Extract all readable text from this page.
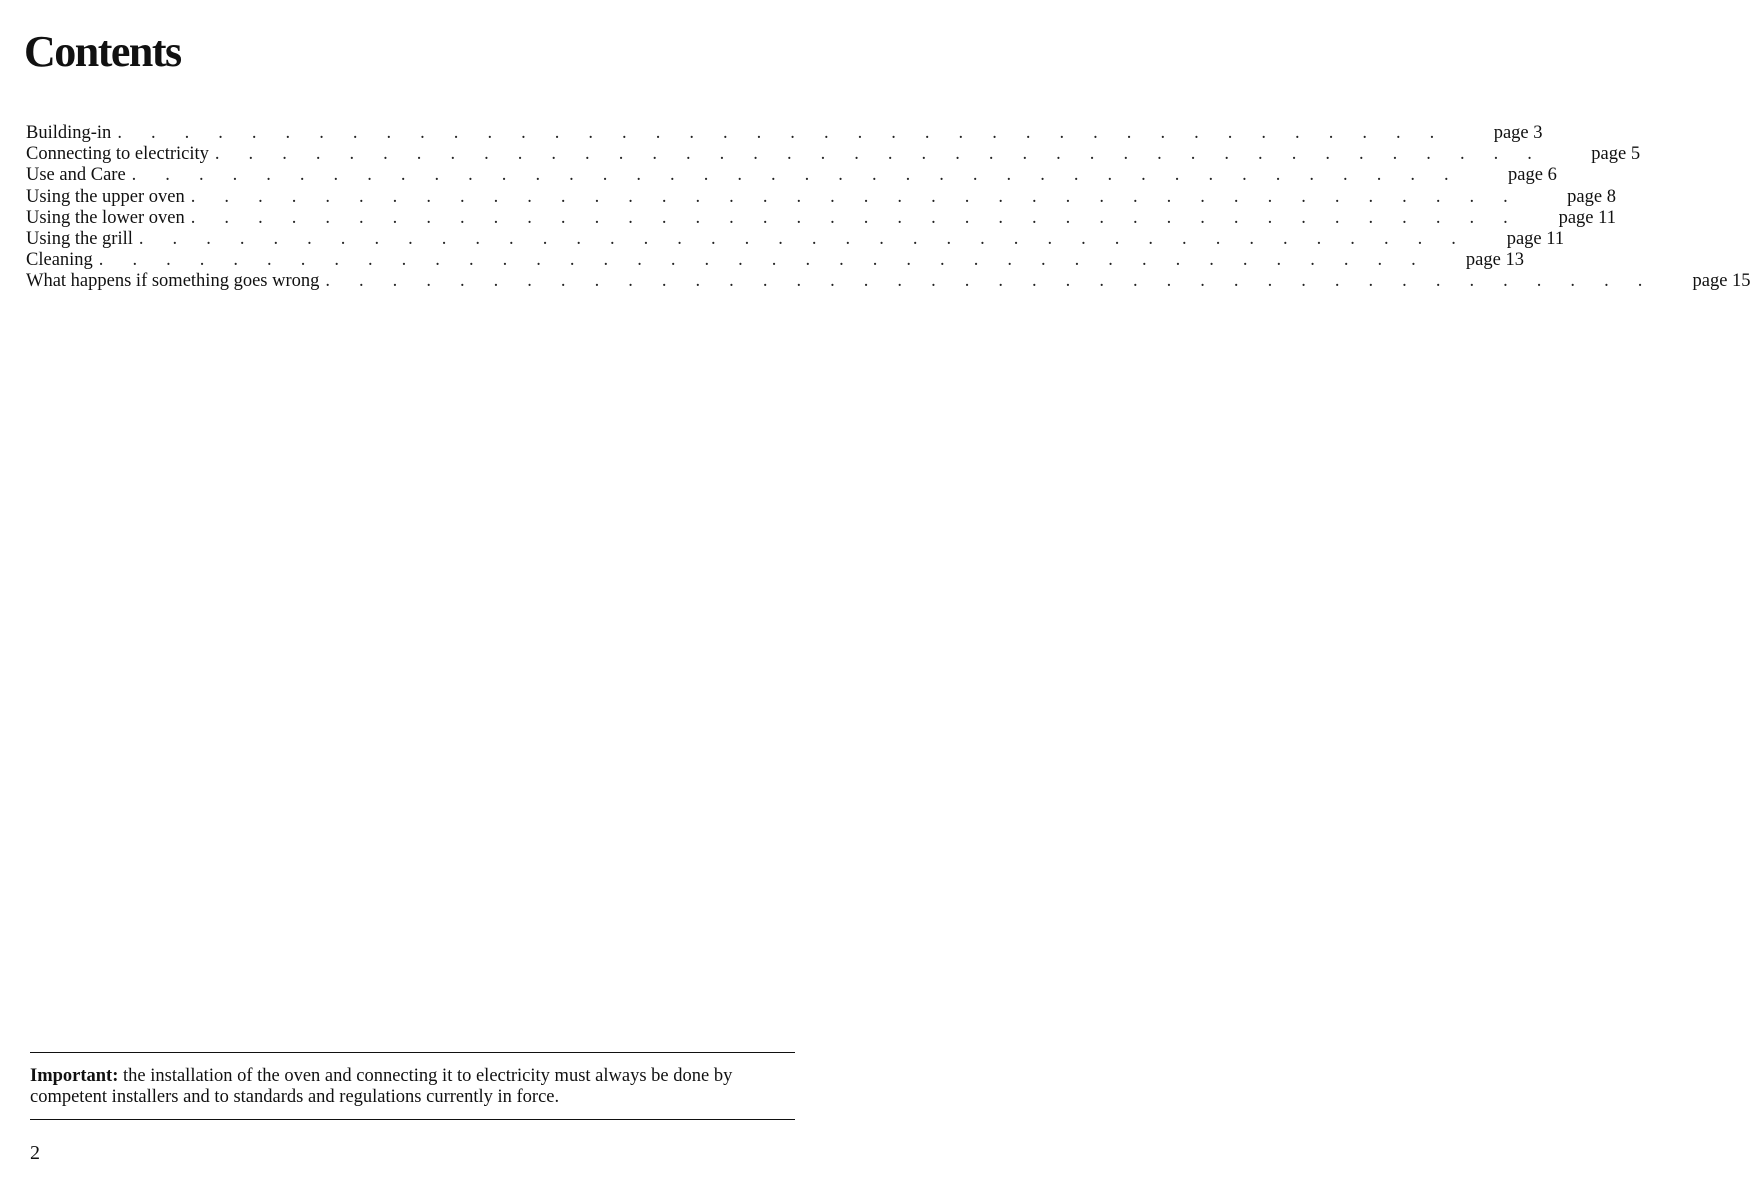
Contents
Building-in . . . . . . . . . . . . . . . . . . . . . . . . . . . . . . . . . . . . . . . .	page 3
Connecting to electricity . . . . . . . . . . . . . . . . . . . . . . . . . . . . . . . . . . . . . . . .	page 5
Use and Care . . . . . . . . . . . . . . . . . . . . . . . . . . . . . . . . . . . . . . . .	page 6
Using the upper oven . . . . . . . . . . . . . . . . . . . . . . . . . . . . . . . . . . . . . . . .	page 8
Using the lower oven . . . . . . . . . . . . . . . . . . . . . . . . . . . . . . . . . . . . . . . .	page 11
Using the grill . . . . . . . . . . . . . . . . . . . . . . . . . . . . . . . . . . . . . . . .	page 11
Cleaning . . . . . . . . . . . . . . . . . . . . . . . . . . . . . . . . . . . . . . . .	page 13
What happens if something goes wrong . . . . . . . . . . . . . . . . . . . . . . . . . . . . . . . . . . . . . . . .	page 15

Important: the installation of the oven and connecting it to electricity must always be done by competent installers and to standards and regulations currently in force.

2
